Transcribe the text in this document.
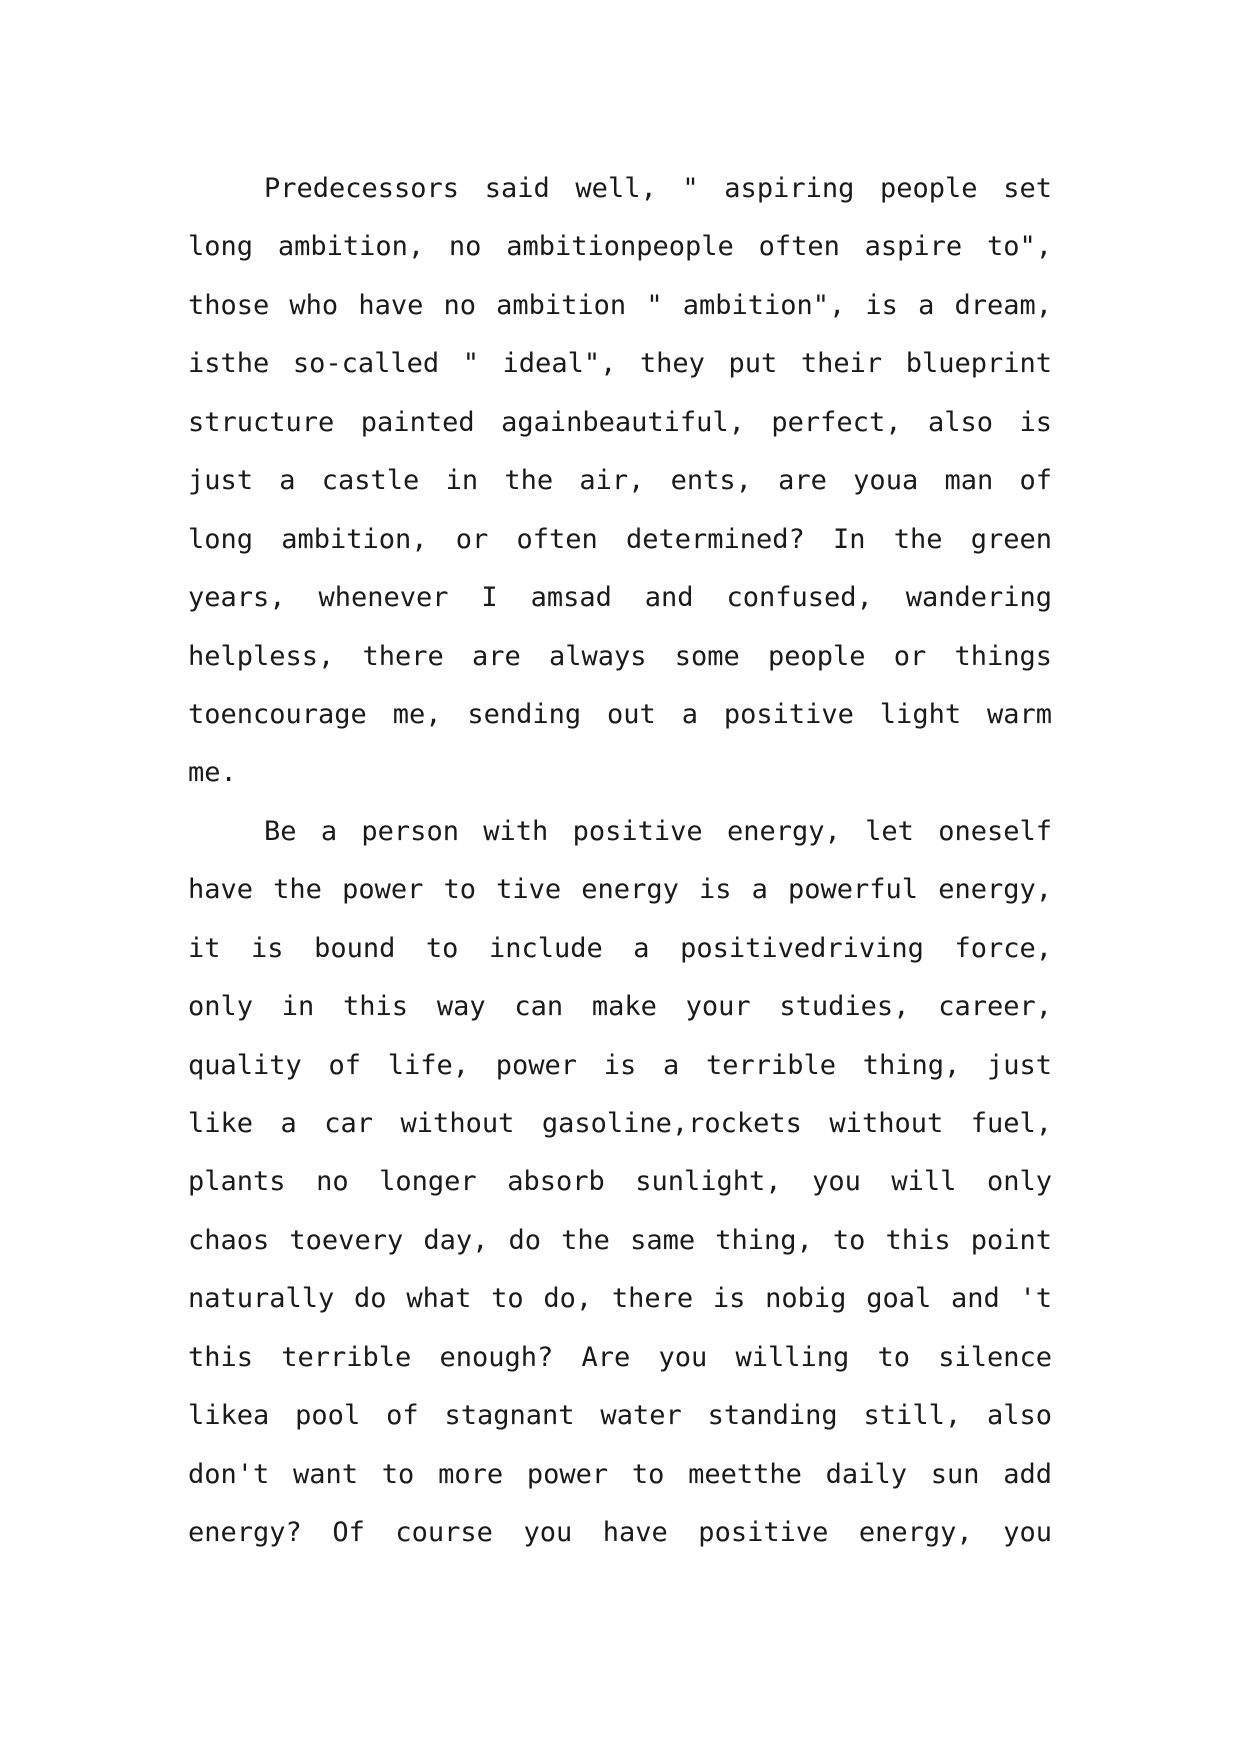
Predecessors said well, " aspiring people set
long ambition, no ambitionpeople often aspire to",
those who have no ambition " ambition", is a dream,
isthe so-called " ideal", they put their blueprint
structure painted againbeautiful, perfect, also is
just a castle in the air, ents, are youa man of
long ambition, or often determined? In the green
years, whenever I amsad and confused, wandering
helpless, there are always some people or things
toencourage me, sending out a positive light warm
me.
Be a person with positive energy, let oneself
have the power to tive energy is a powerful energy,
it is bound to include a positivedriving force,
only in this way can make your studies, career,
quality of life, power is a terrible thing, just
like a car without gasoline,rockets without fuel,
plants no longer absorb sunlight, you will only
chaos toevery day, do the same thing, to this point
naturally do what to do, there is nobig goal and 't
this terrible enough? Are you willing to silence
likea pool of stagnant water standing still, also
don't want to more power to meetthe daily sun add
energy? Of course you have positive energy, you
